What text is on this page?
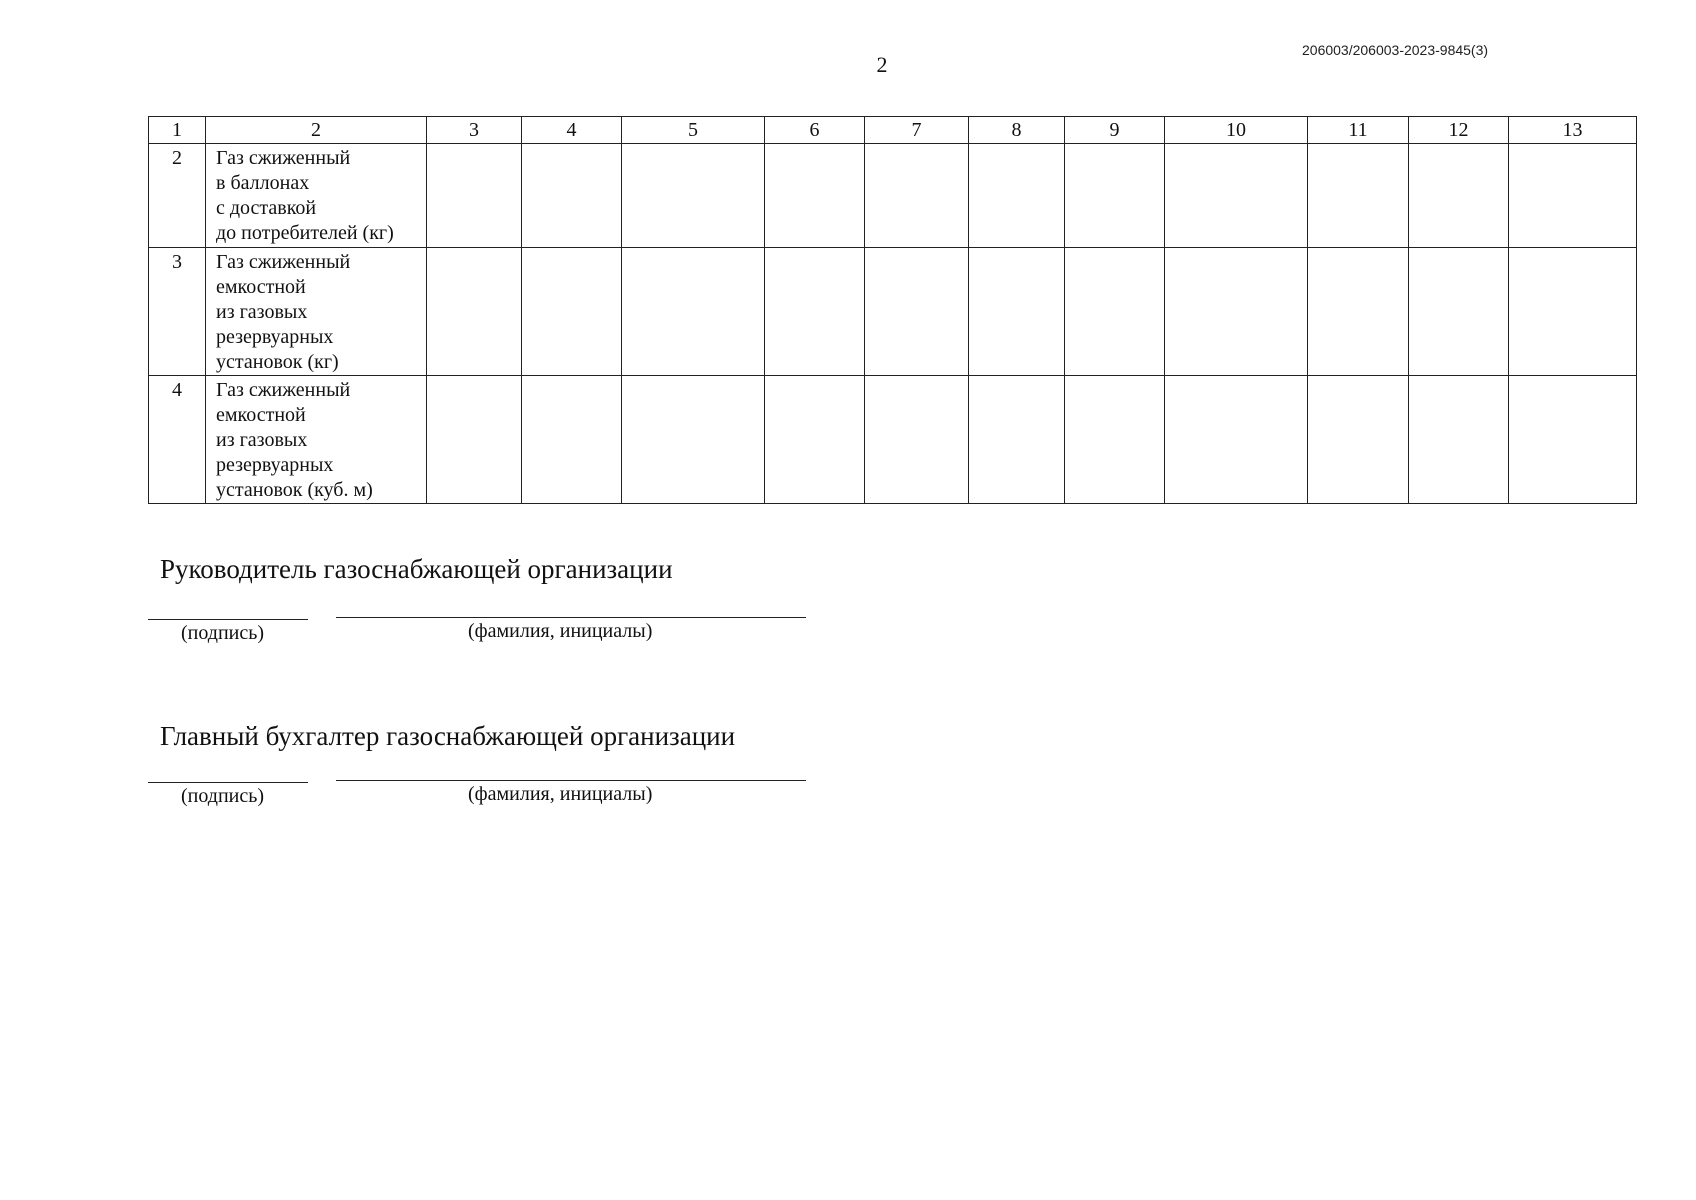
206003/206003-2023-9845(3)
2
1	2	3	4	5	6	7	8	9	10	11	12	13
2	Газ сжиженный
в баллонах
с доставкой
до потребителей (кг)											
3	Газ сжиженный
емкостной
из газовых
резервуарных
установок (кг)											
4	Газ сжиженный
емкостной
из газовых
резервуарных
установок (куб. м)											
Руководитель газоснабжающей организации
(подпись)	(фамилия, инициалы)
Главный бухгалтер газоснабжающей организации
(подпись)	(фамилия, инициалы)
